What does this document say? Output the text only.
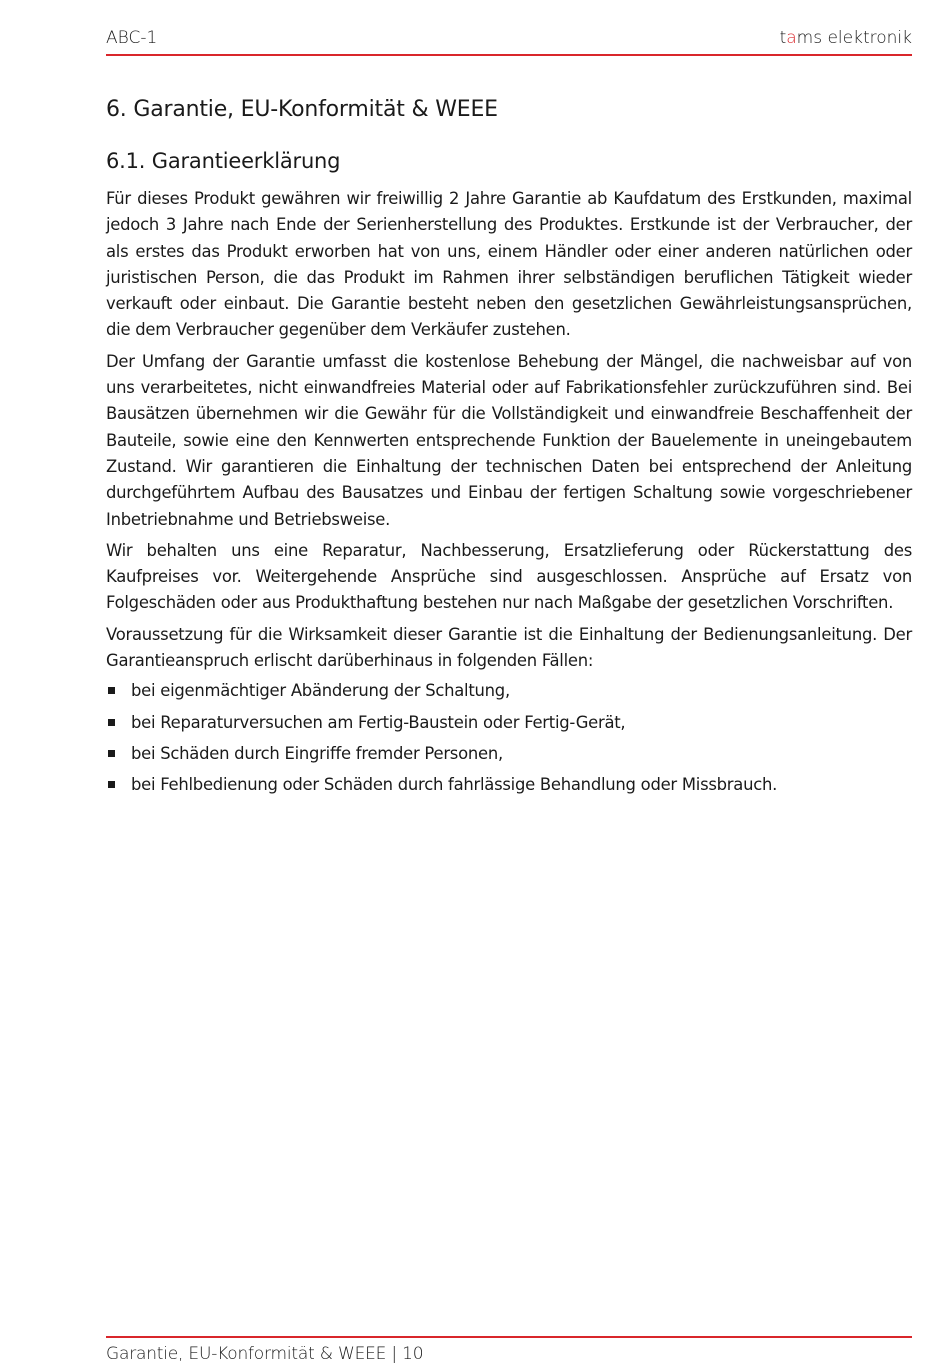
ABC-1	tams elektronik
6. Garantie, EU-Konformität & WEEE
6.1. Garantieerklärung

Für dieses Produkt gewähren wir freiwillig 2 Jahre Garantie ab Kaufdatum des Erstkunden, maximal jedoch 3 Jahre nach Ende der Serienherstellung des Produktes. Erstkunde ist der Verbraucher, der als erstes das Produkt erworben hat von uns, einem Händler oder einer anderen natürlichen oder juristischen Person, die das Produkt im Rahmen ihrer selbständigen beruflichen Tätigkeit wieder verkauft oder einbaut. Die Garantie besteht neben den gesetzlichen Gewährleistungsansprüchen, die dem Verbraucher gegenüber dem Verkäufer zustehen.

Der Umfang der Garantie umfasst die kostenlose Behebung der Mängel, die nachweisbar auf von uns verarbeitetes, nicht einwandfreies Material oder auf Fabrikationsfehler zurückzuführen sind. Bei Bausätzen übernehmen wir die Gewähr für die Vollständigkeit und einwandfreie Beschaffenheit der Bauteile, sowie eine den Kennwerten entsprechende Funktion der Bauelemente in uneingebautem Zustand. Wir garantieren die Einhaltung der technischen Daten bei entsprechend der Anleitung durchgeführtem Aufbau des Bausatzes und Einbau der fertigen Schaltung sowie vorgeschriebener Inbetriebnahme und Betriebsweise.

Wir behalten uns eine Reparatur, Nachbesserung, Ersatzlieferung oder Rückerstattung des Kaufpreises vor. Weitergehende Ansprüche sind ausgeschlossen. Ansprüche auf Ersatz von Folgeschäden oder aus Produkthaftung bestehen nur nach Maßgabe der gesetzlichen Vorschriften.

Voraussetzung für die Wirksamkeit dieser Garantie ist die Einhaltung der Bedienungsanleitung. Der Garantieanspruch erlischt darüberhinaus in folgenden Fällen:

bei eigenmächtiger Abänderung der Schaltung,
bei Reparaturversuchen am Fertig-Baustein oder Fertig-Gerät,
bei Schäden durch Eingriffe fremder Personen,
bei Fehlbedienung oder Schäden durch fahrlässige Behandlung oder Missbrauch.
Garantie, EU-Konformität & WEEE | 10
